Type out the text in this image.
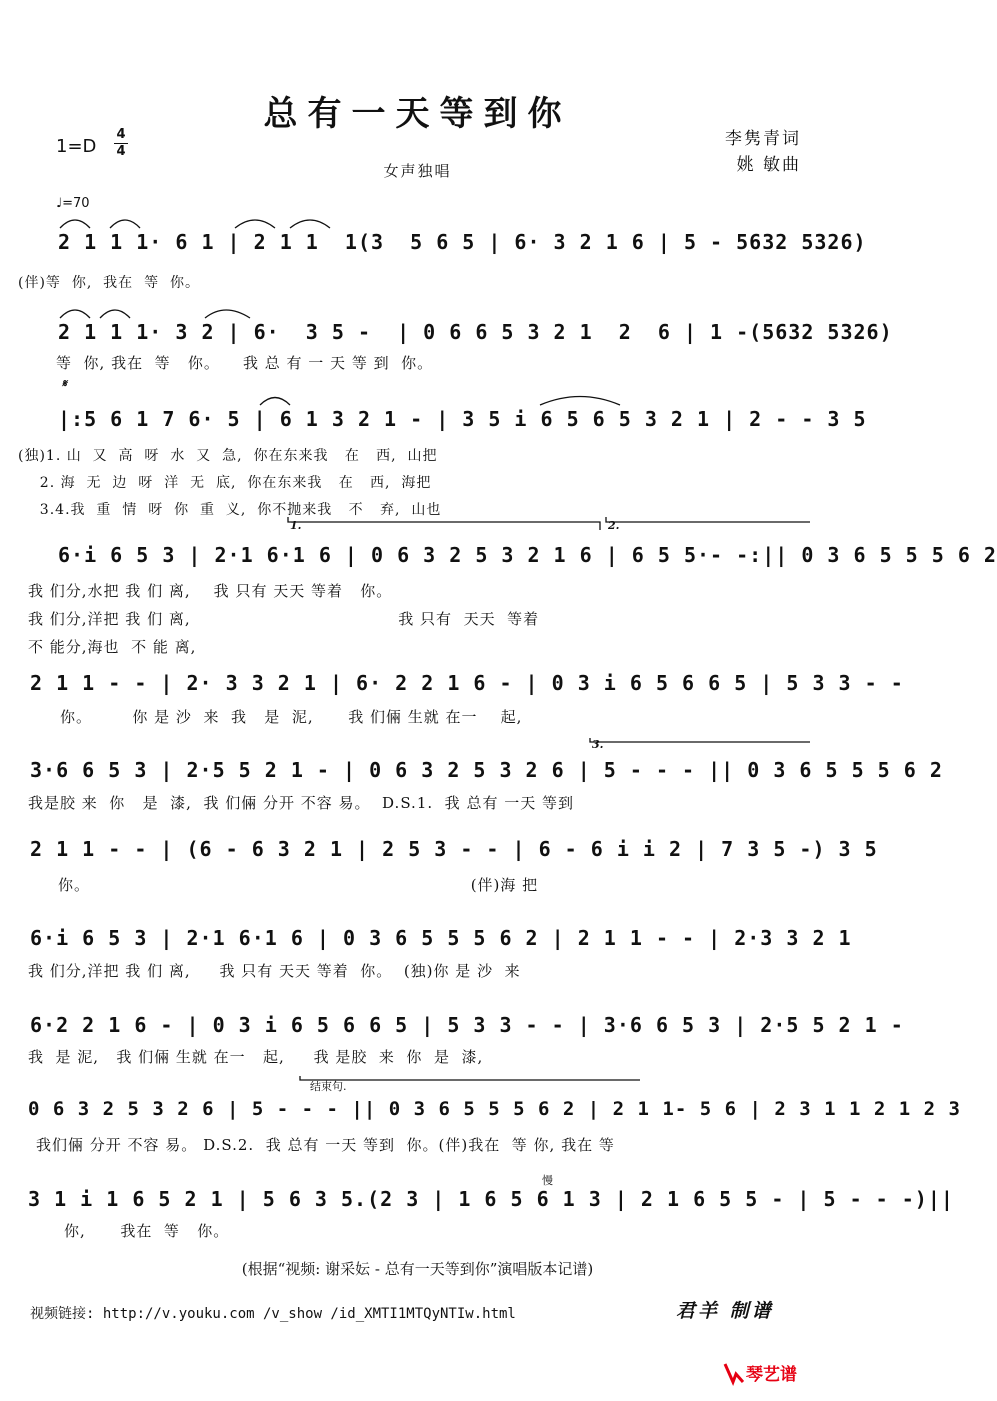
总有一天等到你
1=D
4
4
李隽青词
姚 敏曲
女声独唱
♩=70
2 1 1 1· 6 1 | 2 1 1  1(3  5 6 5 | 6· 3 2 1 6 | 5 - 5632 5326)
(伴)等  你,  我在  等  你。
2 1 1 1· 3 2 | 6·  3 5 -  | 0 6 6 5 3 2 1  2  6 | 1 -(5632 5326)
等  你, 我在  等   你。    我 总 有 一 天 等 到  你。
𝄋
|:5 6 1 7 6· 5 | 6 1 3 2 1 - | 3 5 i 6 5 6 5 3 2 1 | 2 - - 3 5
(独)1. 山  又  高  呀  水  又  急,  你在东来我   在   西,  山把
2. 海  无  边  呀  洋  无  底,  你在东来我   在   西,  海把
3.4.我  重  情  呀  你  重  义,  你不抛来我   不   弃,  山也
1.	2.
6·i 6 5 3 | 2·1 6·1 6 | 0 6 3 2 5 3 2 1 6 | 6 5 5·- -:|| 0 3 6 5 5 5 6 2
我 们分,水把 我 们 离,    我 只有 天天 等着   你。
我 们分,洋把 我 们 离,                                    我 只有  天天  等着
不 能分,海也  不 能 离,
2 1 1 - - | 2· 3 3 2 1 | 6· 2 2 1 6 - | 0 3 i 6 5 6 6 5 | 5 3 3 - -
你。       你 是 沙  来  我   是  泥,      我 们倆 生就 在一    起,
3.
3·6 6 5 3 | 2·5 5 2 1 - | 0 6 3 2 5 3 2 6 | 5 - - - || 0 3 6 5 5 5 6 2
我是胶 来  你   是  漆,  我 们倆 分开 不容 易。  D.S.1.  我 总有 一天 等到
2 1 1 - - | (6 - 6 3 2 1 | 2 5 3 - - | 6 - 6 i i 2 | 7 3 5 -) 3 5
你。                                                                  (伴)海 把
6·i 6 5 3 | 2·1 6·1 6 | 0 3 6 5 5 5 6 2 | 2 1 1 - - | 2·3 3 2 1
我 们分,洋把 我 们 离,     我 只有 天天 等着  你。  (独)你 是 沙  来
6·2 2 1 6 - | 0 3 i 6 5 6 6 5 | 5 3 3 - - | 3·6 6 5 3 | 2·5 5 2 1 -
我  是 泥,   我 们倆 生就 在一   起,     我 是胶  来  你  是  漆,
结束句.
0 6 3 2 5 3 2 6 | 5 - - - || 0 3 6 5 5 5 6 2 | 2 1 1- 5 6 | 2 3 1 1 2 1 2 3
我们倆 分开 不容 易。 D.S.2.  我 总有 一天 等到  你。(伴)我在  等 你, 我在 等
慢
3 1 i 1 6 5 2 1 | 5 6 3 5.(2 3 | 1 6 5 6 1 3 | 2 1 6 5 5 - | 5 - - -)||
你,      我在  等   你。
(根据“视频: 谢采妘 - 总有一天等到你”演唱版本记谱)
视频链接: http://v.youku.com /v_show /id_XMTI1MTQyNTIw.html	君羊 制谱
琴艺谱
